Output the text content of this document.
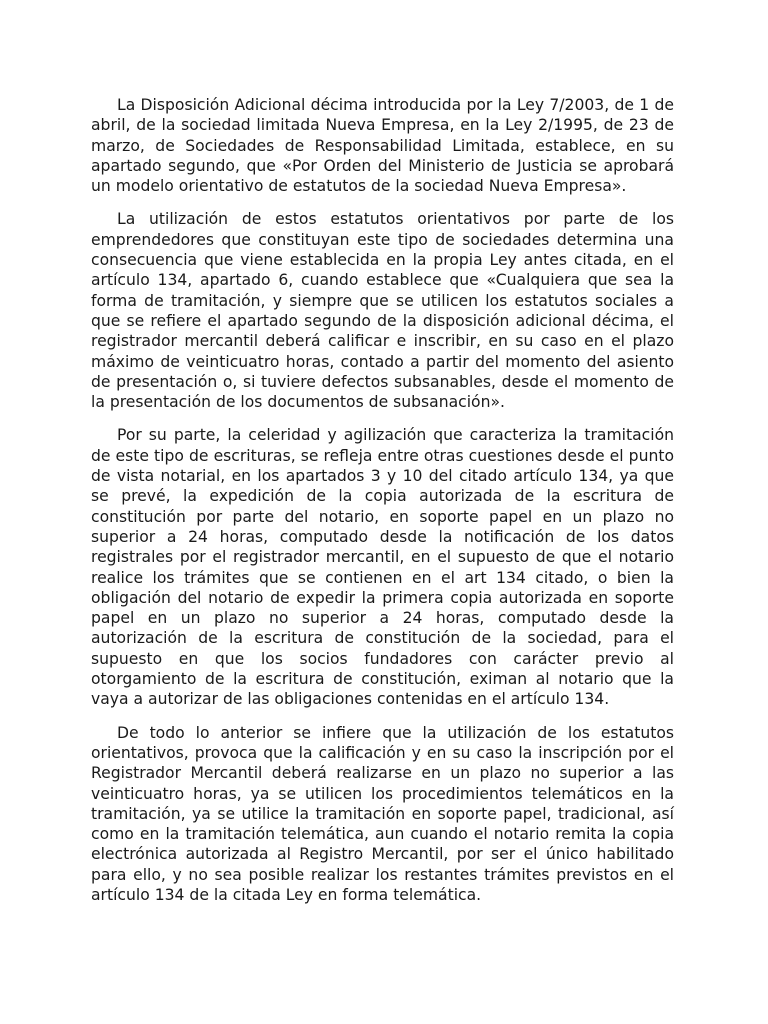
La Disposición Adicional décima introducida por la Ley 7/2003, de 1 de abril, de la sociedad limitada Nueva Empresa, en la Ley 2/1995, de 23 de marzo, de Sociedades de Responsabilidad Limitada, establece, en su apartado segundo, que «Por Orden del Ministerio de Justicia se aprobará un modelo orientativo de estatutos de la sociedad Nueva Empresa».

La utilización de estos estatutos orientativos por parte de los emprendedores que constituyan este tipo de sociedades determina una consecuencia que viene establecida en la propia Ley antes citada, en el artículo 134, apartado 6, cuando establece que «Cualquiera que sea la forma de tramitación, y siempre que se utilicen los estatutos sociales a que se refiere el apartado segundo de la disposición adicional décima, el registrador mercantil deberá calificar e inscribir, en su caso en el plazo máximo de veinticuatro horas, contado a partir del momento del asiento de presentación o, si tuviere defectos subsanables, desde el momento de la presentación de los documentos de subsanación».

Por su parte, la celeridad y agilización que caracteriza la tramitación de este tipo de escrituras, se refleja entre otras cuestiones desde el punto de vista notarial, en los apartados 3 y 10 del citado artículo 134, ya que se prevé, la expedición de la copia autorizada de la escritura de constitución por parte del notario, en soporte papel en un plazo no superior a 24 horas, computado desde la notificación de los datos registrales por el registrador mercantil, en el supuesto de que el notario realice los trámites que se contienen en el art 134 citado, o bien la obligación del notario de expedir la primera copia autorizada en soporte papel en un plazo no superior a 24 horas, computado desde la autorización de la escritura de constitución de la sociedad, para el supuesto en que los socios fundadores con carácter previo al otorgamiento de la escritura de constitución, eximan al notario que la vaya a autorizar de las obligaciones contenidas en el artículo 134.

De todo lo anterior se infiere que la utilización de los estatutos orientativos, provoca que la calificación y en su caso la inscripción por el Registrador Mercantil deberá realizarse en un plazo no superior a las veinticuatro horas, ya se utilicen los procedimientos telemáticos en la tramitación, ya se utilice la tramitación en soporte papel, tradicional, así como en la tramitación telemática, aun cuando el notario remita la copia electrónica autorizada al Registro Mercantil, por ser el único habilitado para ello, y no sea posible realizar los restantes trámites previstos en el artículo 134 de la citada Ley en forma telemática.
